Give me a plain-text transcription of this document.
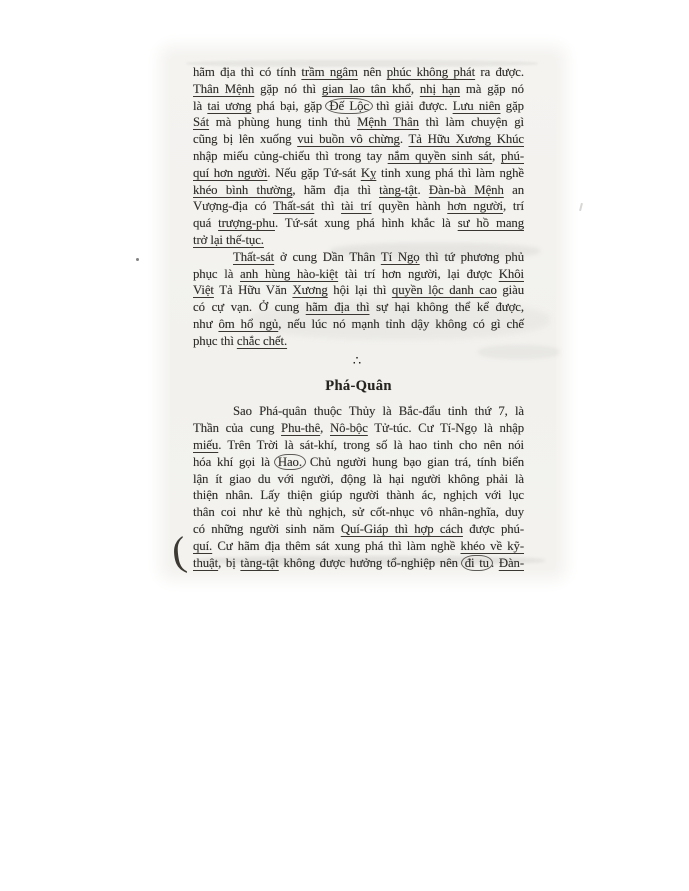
(
hãm địa thì có tính trầm ngâm nên phúc không phát ra được.
Thân Mệnh gặp nó thì gian lao tân khổ, nhị hạn mà gặp nó
là tai ương phá bại, gặp Đế Lộc thì giải được. Lưu niên gặp
Sát mà phùng hung tinh thủ Mệnh Thân thì làm chuyện gì
cũng bị lên xuống vui buồn vô chừng. Tả Hữu Xương Khúc
nhập miếu củng-chiếu thì trong tay nắm quyền sinh sát, phú-
quí hơn người. Nếu gặp Tứ-sát Kỵ tinh xung phá thì làm nghề
khéo bình thường, hãm địa thì tàng-tật. Đàn-bà Mệnh an
Vượng-địa có Thất-sát thì tài trí quyền hành hơn người, trí
quá trượng-phu. Tứ-sát xung phá hình khắc là sư hồ mang
trở lại thế-tục.
Thất-sát ở cung Dần Thân Tí Ngọ thì tứ phương phủ
phục là anh hùng hào-kiệt tài trí hơn người, lại được Khôi
Việt Tả Hữu Văn Xương hội lại thì quyền lộc danh cao giàu
có cự vạn. Ở cung hãm địa thì sự hại không thể kể được,
như ôm hổ ngủ, nếu lúc nó mạnh tỉnh dậy không có gì chế
phục thì chắc chết.
∴
Phá-Quân
Sao Phá-quân thuộc Thủy là Bắc-đẩu tinh thứ 7, là
Thần của cung Phu-thê, Nô-bộc Tử-túc. Cư Tí-Ngọ là nhập
miếu. Trên Trời là sát-khí, trong số là hao tinh cho nên nói
hóa khí gọi là Hao. Chủ người hung bạo gian trá, tính biển
lận ít giao du với người, động là hại người không phải là
thiện nhân. Lấy thiện giúp người thành ác, nghịch với lục
thân coi như kẻ thù nghịch, sử cốt-nhục vô nhân-nghĩa, duy
có những người sinh năm Quí-Giáp thì hợp cách được phú-
quí. Cư hãm địa thêm sát xung phá thì làm nghề khéo về kỹ-
thuật, bị tàng-tật không được hưởng tổ-nghiệp nên đi tu . Đàn-
